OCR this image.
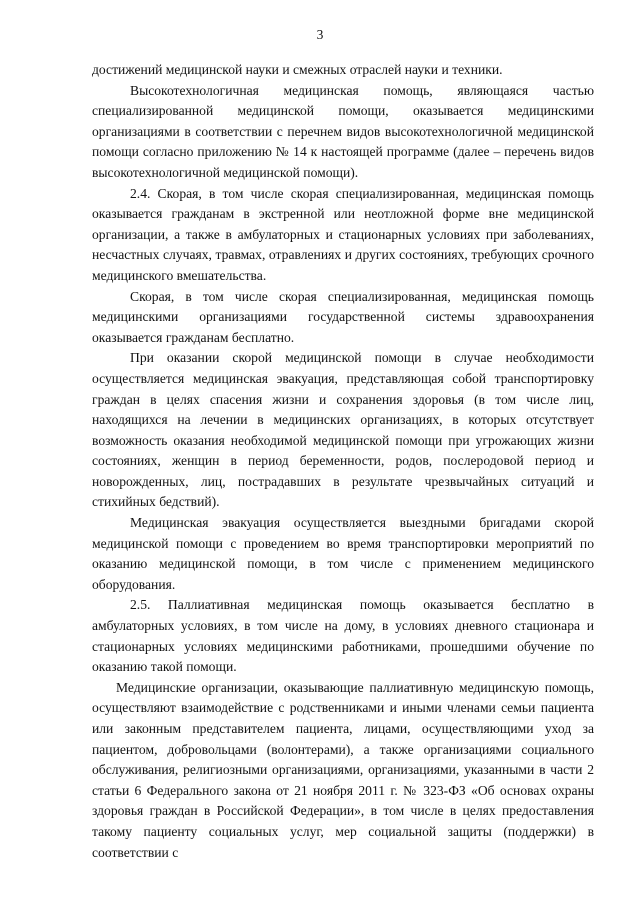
3

достижений медицинской науки и смежных отраслей науки и техники.

Высокотехнологичная медицинская помощь, являющаяся частью специализированной медицинской помощи, оказывается медицинскими организациями в соответствии с перечнем видов высокотехнологичной медицинской помощи согласно приложению № 14 к настоящей программе (далее – перечень видов высокотехнологичной медицинской помощи).

2.4. Скорая, в том числе скорая специализированная, медицинская помощь оказывается гражданам в экстренной или неотложной форме вне медицинской организации, а также в амбулаторных и стационарных условиях при заболеваниях, несчастных случаях, травмах, отравлениях и других состояниях, требующих срочного медицинского вмешательства.

Скорая, в том числе скорая специализированная, медицинская помощь медицинскими организациями государственной системы здравоохранения оказывается гражданам бесплатно.

При оказании скорой медицинской помощи в случае необходимости осуществляется медицинская эвакуация, представляющая собой транспортировку граждан в целях спасения жизни и сохранения здоровья (в том числе лиц, находящихся на лечении в медицинских организациях, в которых отсутствует возможность оказания необходимой медицинской помощи при угрожающих жизни состояниях, женщин в период беременности, родов, послеродовой период и новорожденных, лиц, пострадавших в результате чрезвычайных ситуаций и стихийных бедствий).

Медицинская эвакуация осуществляется выездными бригадами скорой медицинской помощи с проведением во время транспортировки мероприятий по оказанию медицинской помощи, в том числе с применением медицинского оборудования.

2.5. Паллиативная медицинская помощь оказывается бесплатно в амбулаторных условиях, в том числе на дому, в условиях дневного стационара и стационарных условиях медицинскими работниками, прошедшими обучение по оказанию такой помощи.

Медицинские организации, оказывающие паллиативную медицинскую помощь, осуществляют взаимодействие с родственниками и иными членами семьи пациента или законным представителем пациента, лицами, осуществляющими уход за пациентом, добровольцами (волонтерами), а также организациями социального обслуживания, религиозными организациями, организациями, указанными в части 2 статьи 6 Федерального закона от 21 ноября 2011 г. № 323-ФЗ «Об основах охраны здоровья граждан в Российской Федерации», в том числе в целях предоставления такому пациенту социальных услуг, мер социальной защиты (поддержки) в соответствии с
